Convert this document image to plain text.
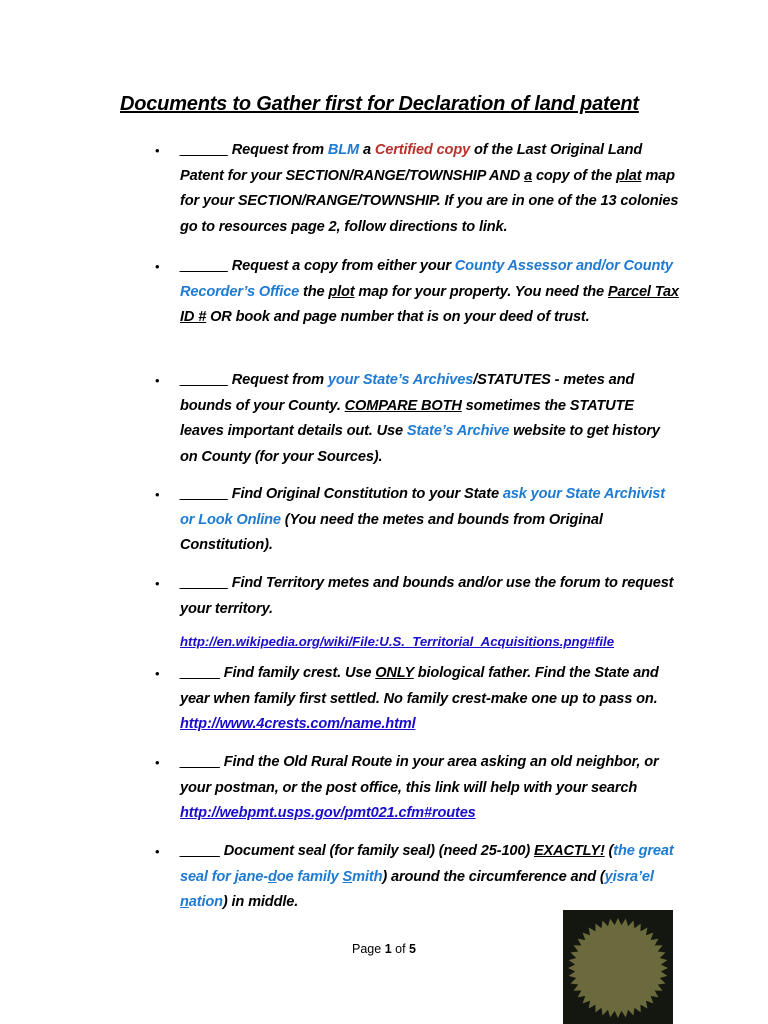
Documents to Gather first for Declaration of land patent
• ______ Request from BLM a Certified copy of the Last Original Land Patent for your SECTION/RANGE/TOWNSHIP AND a copy of the plat map for your SECTION/RANGE/TOWNSHIP. If you are in one of the 13 colonies go to resources page 2, follow directions to link.
• ______ Request a copy from either your County Assessor and/or County Recorder’s Office the plot map for your property. You need the Parcel Tax ID # OR book and page number that is on your deed of trust.
• ______ Request from your State’s Archives/STATUTES - metes and bounds of your County. COMPARE BOTH sometimes the STATUTE leaves important details out. Use State’s Archive website to get history on County (for your Sources).
• ______ Find Original Constitution to your State ask your State Archivist or Look Online (You need the metes and bounds from Original Constitution).
• ______ Find Territory metes and bounds and/or use the forum to request your territory.
• _____ Find family crest. Use ONLY biological father. Find the State and year when family first settled. No family crest-make one up to pass on. http://www.4crests.com/name.html
• _____ Find the Old Rural Route in your area asking an old neighbor, or your postman, or the post office, this link will help with your search http://webpmt.usps.gov/pmt021.cfm#routes
• _____ Document seal (for family seal) (need 25-100) EXACTLY! (the great seal for jane-doe family Smith) around the circumference and (yisra’el nation) in middle.
http://en.wikipedia.org/wiki/File:U.S._Territorial_Acquisitions.png#file
Page 1 of 5
